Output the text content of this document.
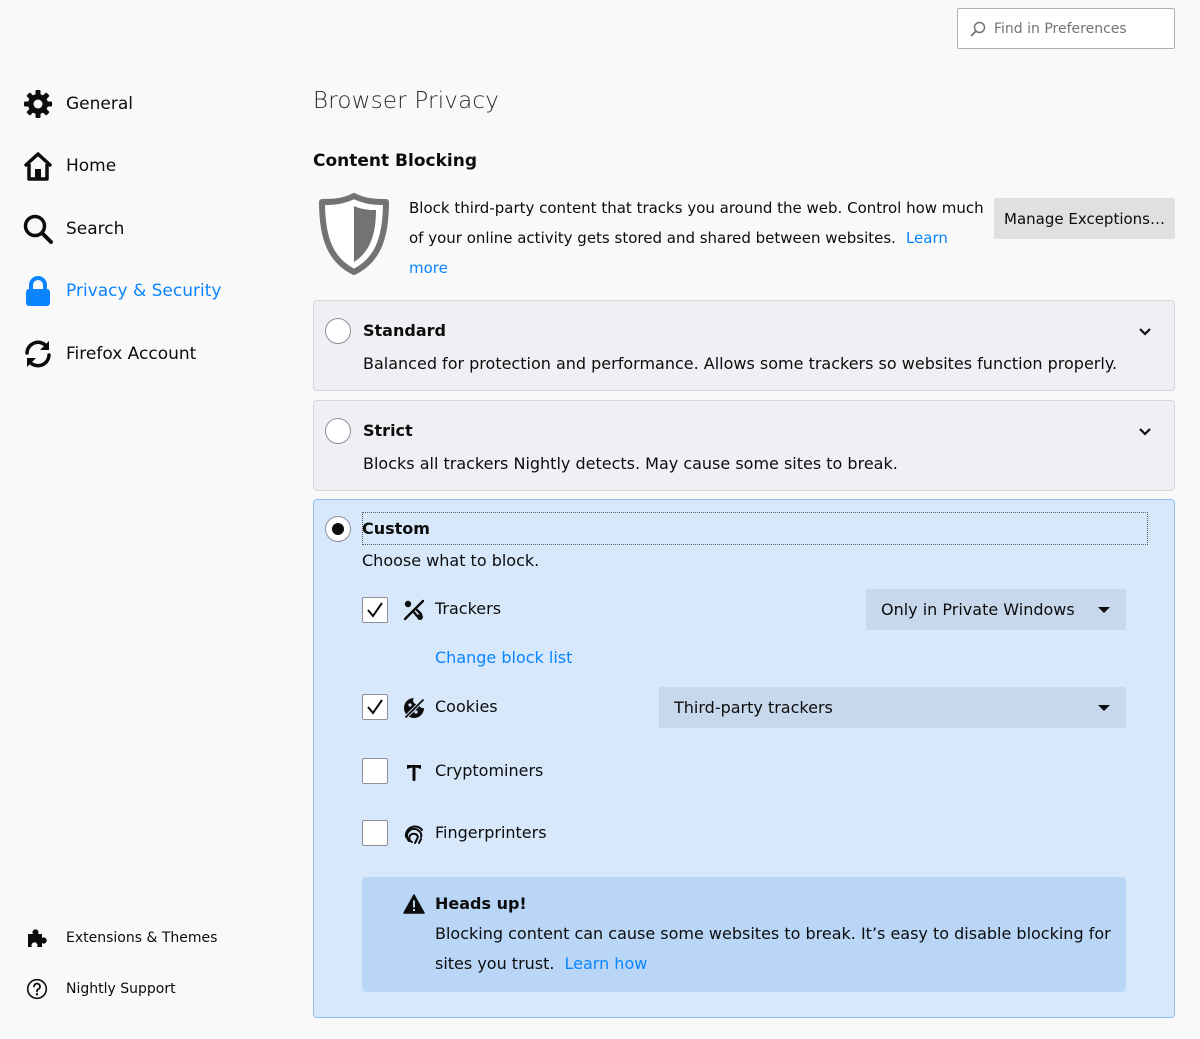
Find in Preferences
General
Home
Search
Privacy & Security
Firefox Account
Extensions & Themes
Nightly Support
Browser Privacy
Content Blocking
Block third-party content that tracks you around the web. Control how much of your online activity gets stored and shared between websites. Learn more
Manage Exceptions…
Standard
Balanced for protection and performance. Allows some trackers so websites function properly.
Strict
Blocks all trackers Nightly detects. May cause some sites to break.
Custom
Choose what to block.
Trackers	Only in Private Windows
Change block list
Cookies	Third-party trackers
Cryptominers
Fingerprinters
Heads up!
Blocking content can cause some websites to break. It’s easy to disable blocking for sites you trust. Learn how
